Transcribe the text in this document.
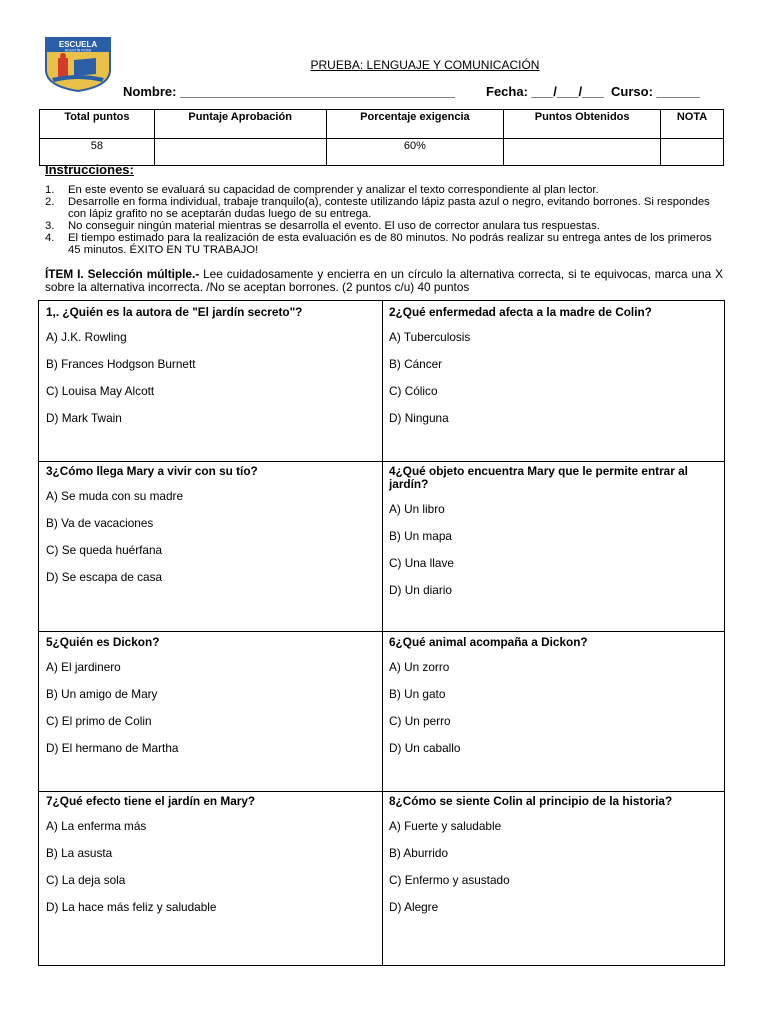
ESCUELA
AGUSTÍN ROSS
PRUEBA: LENGUAJE Y COMUNICACIÓN
Nombre: ______________________________________ Fecha: ___/___/___  Curso: ______
Total puntos	Puntaje Aprobación	Porcentaje exigencia	Puntos Obtenidos	NOTA
58		60%		
Instrucciones:
1. En este evento se evaluará su capacidad de comprender y analizar el texto correspondiente al plan lector.
2. Desarrolle en forma individual, trabaje tranquilo(a), conteste utilizando lápiz pasta azul o negro, evitando borrones. Si respondes con lápiz grafito no se aceptarán dudas luego de su entrega.
3. No conseguir ningún material mientras se desarrolla el evento. El uso de corrector anulara tus respuestas.
4. El tiempo estimado para la realización de esta evaluación es de 80 minutos. No podrás realizar su entrega antes de los primeros 45 minutos. ÉXITO EN TU TRABAJO!
ÍTEM I. Selección múltiple.- Lee cuidadosamente y encierra en un círculo la alternativa correcta, si te equivocas, marca una X sobre la alternativa incorrecta. /No se aceptan borrones. (2 puntos c/u) 40 puntos
1,. ¿Quién es la autora de "El jardín secreto"?
A) J.K. Rowling
B) Frances Hodgson Burnett
C) Louisa May Alcott
D) Mark Twain
2¿Qué enfermedad afecta a la madre de Colin?
A) Tuberculosis
B) Cáncer
C) Cólico
D) Ninguna
3¿Cómo llega Mary a vivir con su tío?
A) Se muda con su madre
B) Va de vacaciones
C) Se queda huérfana
D) Se escapa de casa
4¿Qué objeto encuentra Mary que le permite entrar al jardín?
A) Un libro
B) Un mapa
C) Una llave
D) Un diario
5¿Quién es Dickon?
A) El jardinero
B) Un amigo de Mary
C) El primo de Colin
D) El hermano de Martha
6¿Qué animal acompaña a Dickon?
A) Un zorro
B) Un gato
C) Un perro
D) Un caballo
7¿Qué efecto tiene el jardín en Mary?
A) La enferma más
B) La asusta
C) La deja sola
D) La hace más feliz y saludable
8¿Cómo se siente Colin al principio de la historia?
A) Fuerte y saludable
B) Aburrido
C) Enfermo y asustado
D) Alegre
